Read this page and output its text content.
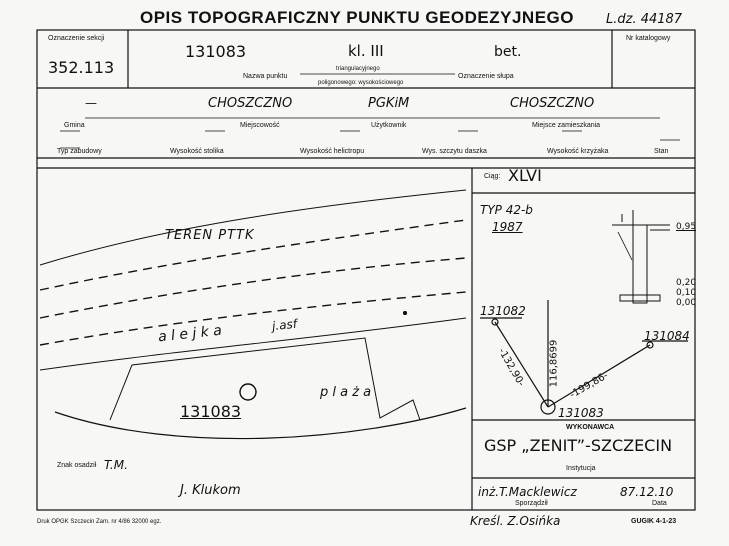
OPIS TOPOGRAFICZNY PUNKTU GEODEZYJNEGO L.dz. 44187
Oznaczenie sekcji
352.113
Nr katalogowy
131083	kl. III	bet.
Nazwa punktu
triangulacyjnego
poligonowego: wysokościowego
Oznaczenie słupa
—	CHOSZCZNO	PGKiM	CHOSZCZNO
Gmina	Miejscowość	Użytkownik	Miejsce zamieszkania
Typ zabudowy	Wysokość stolika	Wysokość helictropu	Wys. szczytu daszka	Wysokość krzyżaka	Stan
TEREN PTTK
a l e j k a	j.asf
p l a ż a
131083
Znak osadził T.M.
J. Klukom
Ciąg: XLVI
TYP 42-b
1987	0,95
0,20
0,10
0,00
131082
131084
131083
-132,90- 116,8699 -199,86-
WYKONAWCA
GSP „ZENIT”-SZCZECIN
Instytucja
inż.T.Macklewicz	87.12.10
Sporządził	Data
Druk OPGK Szczecin Zam. nr 4/86 32000 egz.	Kreśl. Z.Osińka	GUGIK 4-1-23
